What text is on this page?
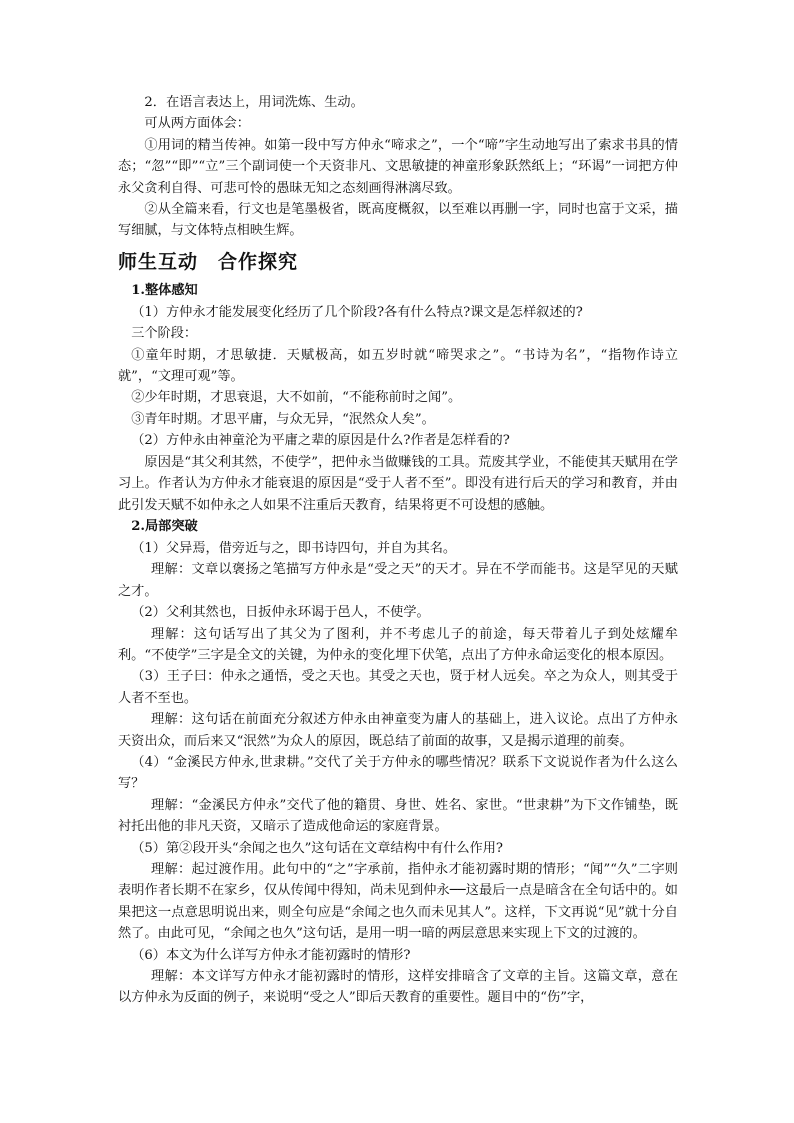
2．在语言表达上，用词洗炼、生动。

可从两方面体会：

①用词的精当传神。如第一段中写方仲永“啼求之”，一个“啼”字生动地写出了索求书具的情态；“忽”“即”“立”三个副词使一个天资非凡、文思敏捷的神童形象跃然纸上；“环谒”一词把方仲永父贪利自得、可悲可怜的愚昧无知之态刻画得淋漓尽致。

②从全篇来看，行文也是笔墨极省，既高度概叙，以至难以再删一字，同时也富于文采，描写细腻，与文体特点相映生辉。

师生互动　合作探究
1.整体感知

（1）方仲永才能发展变化经历了几个阶段?各有什么特点?课文是怎样叙述的?

三个阶段：

①童年时期，才思敏捷．天赋极高，如五岁时就“啼哭求之”。“书诗为名”，“指物作诗立就”，“文理可观”等。

②少年时期，才思衰退，大不如前，“不能称前时之闻”。

③青年时期。才思平庸，与众无异，“泯然众人矣”。

（2）方仲永由神童沦为平庸之辈的原因是什么?作者是怎样看的?

原因是“其父利其然，不使学”，把仲永当做赚钱的工具。荒废其学业，不能使其天赋用在学习上。作者认为方仲永才能衰退的原因是“受于人者不至”。即没有进行后天的学习和教育，并由此引发天赋不如仲永之人如果不注重后天教育，结果将更不可设想的感触。

2.局部突破

（1）父异焉，借旁近与之，即书诗四句，并自为其名。

理解：文章以褒扬之笔描写方仲永是“受之天”的天才。异在不学而能书。这是罕见的天赋之才。

（2）父利其然也，日扳仲永环谒于邑人，不使学。

理解：这句话写出了其父为了图利，并不考虑儿子的前途，每天带着儿子到处炫耀牟利。“不使学”三字是全文的关键，为仲永的变化埋下伏笔，点出了方仲永命运变化的根本原因。

（3）王子曰：仲永之通悟，受之天也。其受之天也，贤于材人远矣。卒之为众人，则其受于人者不至也。

理解：这句话在前面充分叙述方仲永由神童变为庸人的基础上，进入议论。点出了方仲永天资出众，而后来又“泯然”为众人的原因，既总结了前面的故事，又是揭示道理的前奏。

（4）“金溪民方仲永,世隶耕。”交代了关于方仲永的哪些情况？联系下文说说作者为什么这么写？

理解：“金溪民方仲永”交代了他的籍贯、身世、姓名、家世。“世隶耕”为下文作铺垫，既衬托出他的非凡天资，又暗示了造成他命运的家庭背景。

（5）第②段开头“余闻之也久”这句话在文章结构中有什么作用?

理解：起过渡作用。此句中的“之”字承前，指仲永才能初露时期的情形；“闻”“久”二字则表明作者长期不在家乡，仅从传闻中得知，尚未见到仲永──这最后一点是暗含在全句话中的。如果把这一点意思明说出来，则全句应是“余闻之也久而未见其人”。这样，下文再说“见”就十分自然了。由此可见，“余闻之也久”这句话，是用一明一暗的两层意思来实现上下文的过渡的。

（6）本文为什么详写方仲永才能初露时的情形?

理解：本文详写方仲永才能初露时的情形，这样安排暗含了文章的主旨。这篇文章，意在以方仲永为反面的例子，来说明“受之人”即后天教育的重要性。题目中的“伤”字，
